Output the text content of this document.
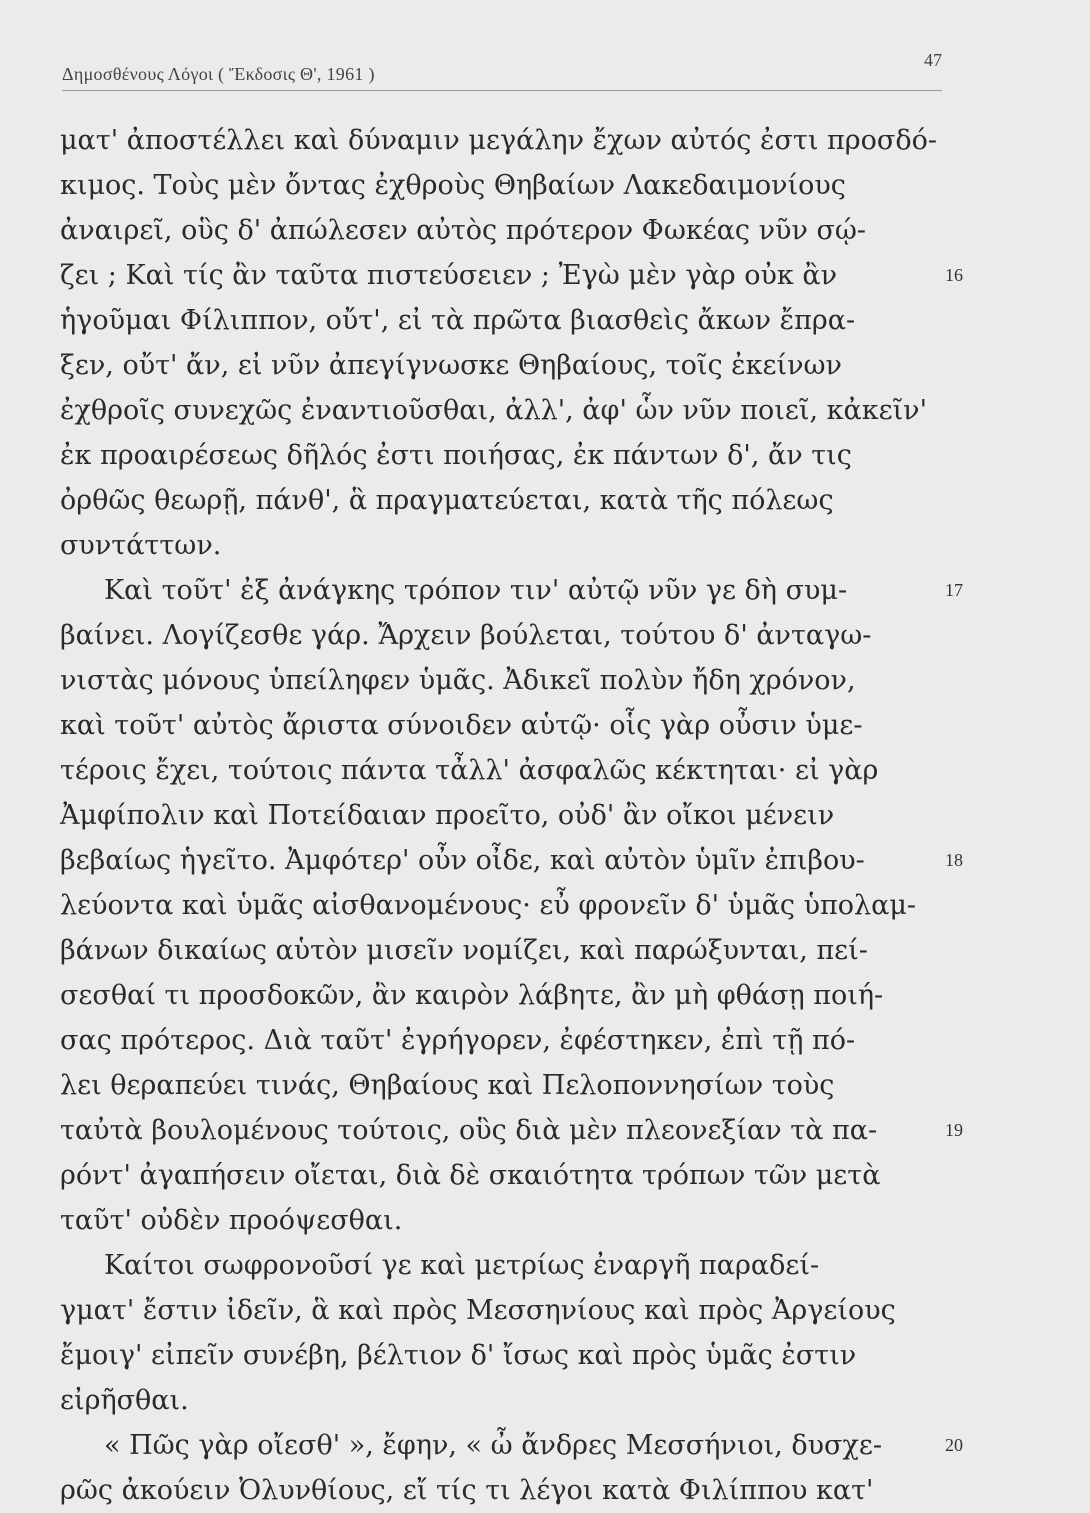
Δημοσθένους Λόγοι ( Ἔκδοσις Θ', 1961 )
47
ματ' ἀποστέλλει καὶ δύναμιν μεγάλην ἔχων αὐτός ἐστι προσδό-
κιμος. Τοὺς μὲν ὄντας ἐχθροὺς Θηβαίων Λακεδαιμονίους
ἀναιρεῖ, οὓς δ' ἀπώλεσεν αὐτὸς πρότερον Φωκέας νῦν σῴ-
ζει ; Καὶ τίς ἂν ταῦτα πιστεύσειεν ; Ἐγὼ μὲν γὰρ οὐκ ἂν	16
ἡγοῦμαι Φίλιππον, οὔτ', εἰ τὰ πρῶτα βιασθεὶς ἄκων ἔπρα-
ξεν, οὔτ' ἄν, εἰ νῦν ἀπεγίγνωσκε Θηβαίους, τοῖς ἐκείνων
ἐχθροῖς συνεχῶς ἐναντιοῦσθαι, ἀλλ', ἀφ' ὧν νῦν ποιεῖ, κἀκεῖν'
ἐκ προαιρέσεως δῆλός ἐστι ποιήσας, ἐκ πάντων δ', ἄν τις
ὀρθῶς θεωρῇ, πάνθ', ἃ πραγματεύεται, κατὰ τῆς πόλεως
συντάττων.
Καὶ τοῦτ' ἐξ ἀνάγκης τρόπον τιν' αὐτῷ νῦν γε δὴ συμ-	17
βαίνει. Λογίζεσθε γάρ. Ἄρχειν βούλεται, τούτου δ' ἀνταγω-
νιστὰς μόνους ὑπείληφεν ὑμᾶς. Ἀδικεῖ πολὺν ἤδη χρόνον,
καὶ τοῦτ' αὐτὸς ἄριστα σύνοιδεν αὑτῷ· οἷς γὰρ οὖσιν ὑμε-
τέροις ἔχει, τούτοις πάντα τἆλλ' ἀσφαλῶς κέκτηται· εἰ γὰρ
Ἀμφίπολιν καὶ Ποτείδαιαν προεῖτο, οὐδ' ἂν οἴκοι μένειν
βεβαίως ἡγεῖτο. Ἀμφότερ' οὖν οἶδε, καὶ αὐτὸν ὑμῖν ἐπιβου-	18
λεύοντα καὶ ὑμᾶς αἰσθανομένους· εὖ φρονεῖν δ' ὑμᾶς ὑπολαμ-
βάνων δικαίως αὑτὸν μισεῖν νομίζει, καὶ παρώξυνται, πεί-
σεσθαί τι προσδοκῶν, ἂν καιρὸν λάβητε, ἂν μὴ φθάσῃ ποιή-
σας πρότερος. Διὰ ταῦτ' ἐγρήγορεν, ἐφέστηκεν, ἐπὶ τῇ πό-
λει θεραπεύει τινάς, Θηβαίους καὶ Πελοποννησίων τοὺς
ταὐτὰ βουλομένους τούτοις, οὓς διὰ μὲν πλεονεξίαν τὰ πα-	19
ρόντ' ἀγαπήσειν οἴεται, διὰ δὲ σκαιότητα τρόπων τῶν μετὰ
ταῦτ' οὐδὲν προόψεσθαι.
Καίτοι σωφρονοῦσί γε καὶ μετρίως ἐναργῆ παραδεί-
γματ' ἔστιν ἰδεῖν, ἃ καὶ πρὸς Μεσσηνίους καὶ πρὸς Ἀργείους
ἔμοιγ' εἰπεῖν συνέβη, βέλτιον δ' ἴσως καὶ πρὸς ὑμᾶς ἐστιν
εἰρῆσθαι.
« Πῶς γὰρ οἴεσθ' », ἔφην, « ὦ ἄνδρες Μεσσήνιοι, δυσχε-	20
ρῶς ἀκούειν Ὀλυνθίους, εἴ τίς τι λέγοι κατὰ Φιλίππου κατ'
